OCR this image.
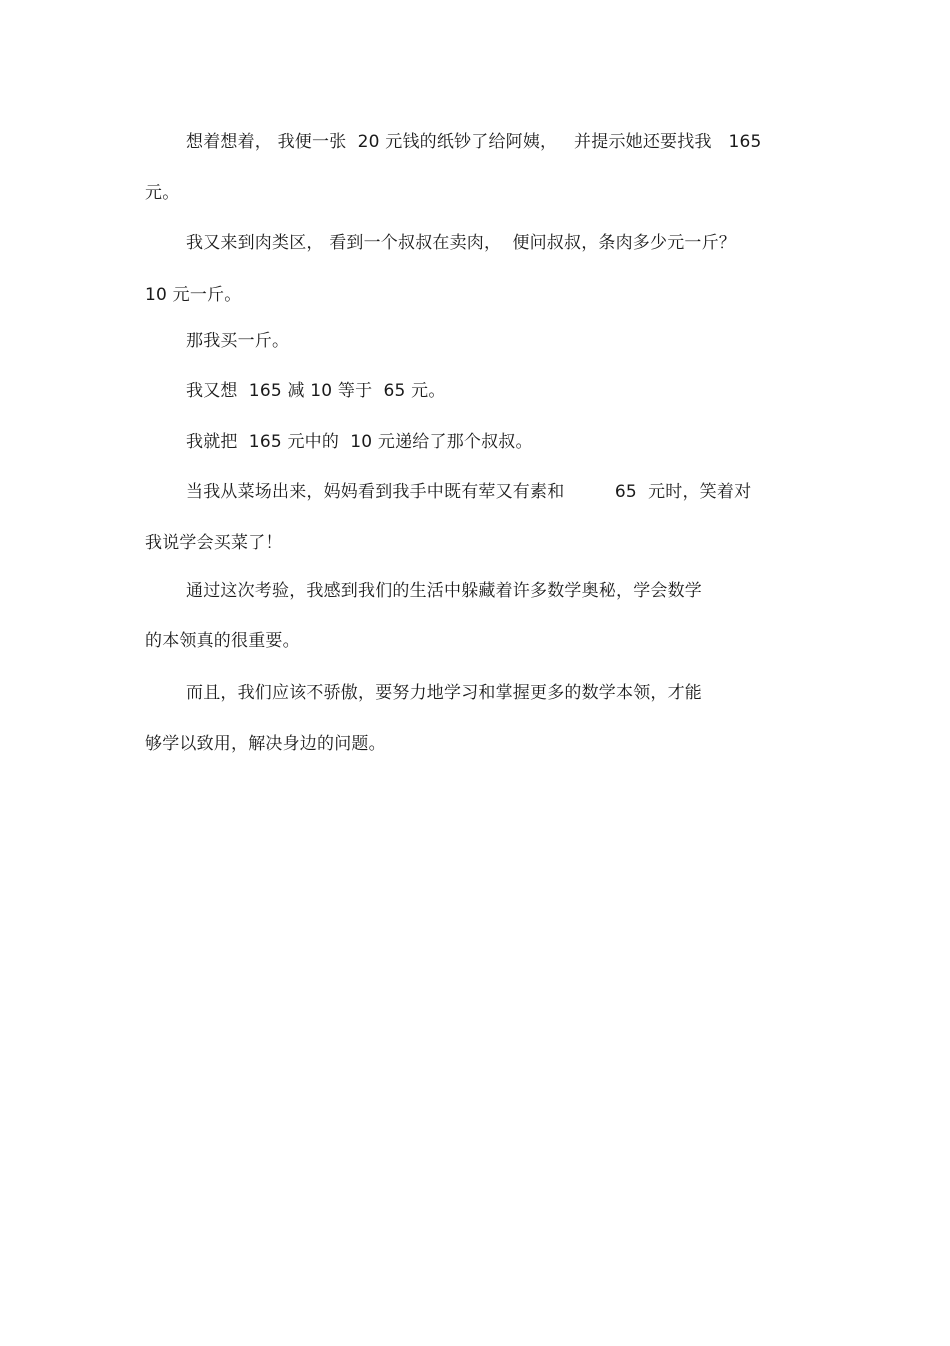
想着想着， 我便一张  20 元钱的纸钞了给阿姨，   并提示她还要找我   165
元。
我又来到肉类区， 看到一个叔叔在卖肉，  便问叔叔，条肉多少元一斤？
10 元一斤。
那我买一斤。
我又想  165 减 10 等于  65 元。
我就把  165 元中的  10 元递给了那个叔叔。
当我从菜场出来，妈妈看到我手中既有荤又有素和         65  元时，笑着对
我说学会买菜了！
通过这次考验，我感到我们的生活中躲藏着许多数学奥秘，学会数学
的本领真的很重要。
而且，我们应该不骄傲，要努力地学习和掌握更多的数学本领，才能
够学以致用，解决身边的问题。
